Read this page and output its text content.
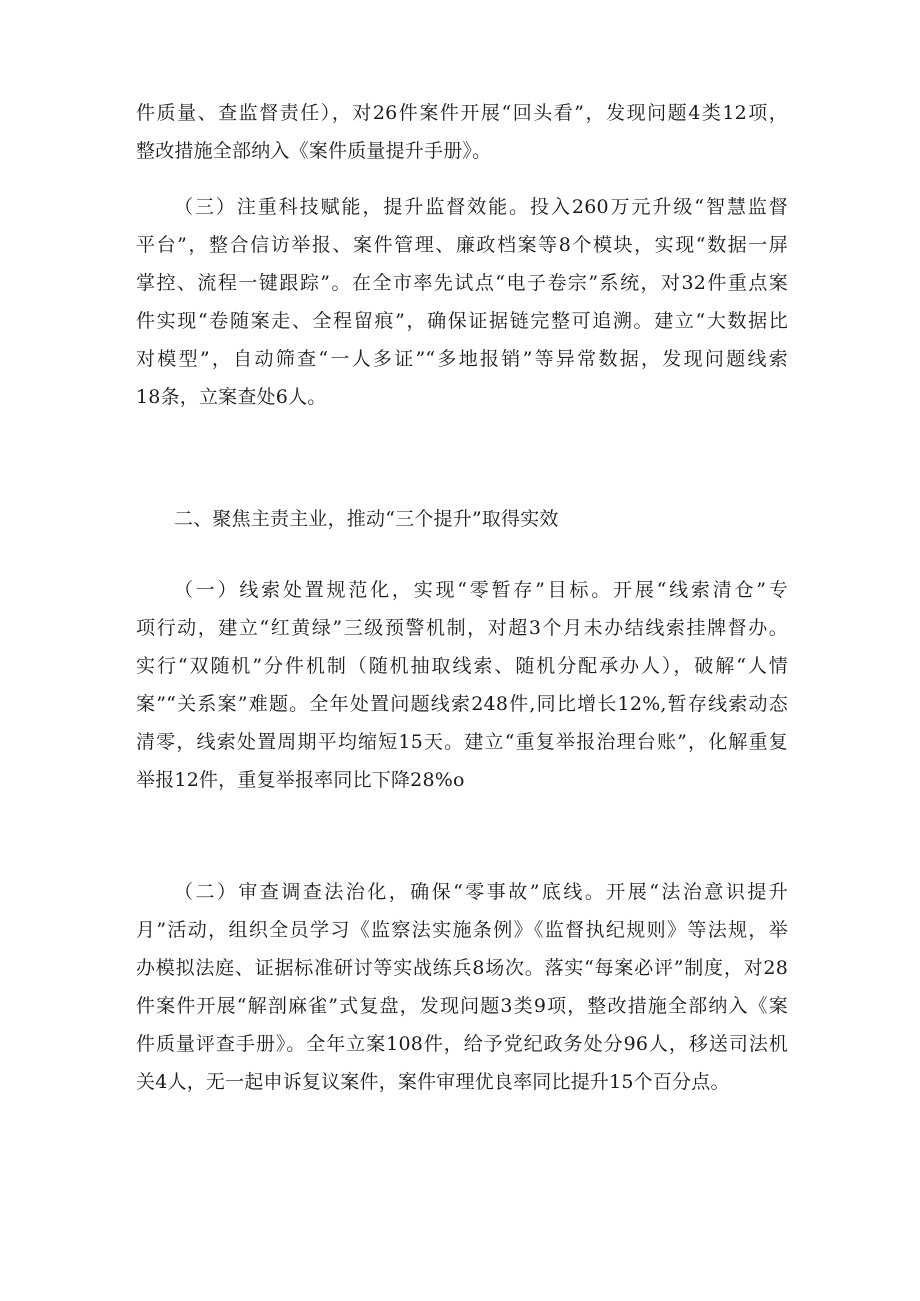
件质量、查监督责任），对26件案件开展“回头看”，发现问题4类12项，
整改措施全部纳入《案件质量提升手册》。
（三）注重科技赋能，提升监督效能。投入260万元升级“智慧监督
平台”，整合信访举报、案件管理、廉政档案等8个模块，实现“数据一屏
掌控、流程一键跟踪”。在全市率先试点“电子卷宗”系统，对32件重点案
件实现“卷随案走、全程留痕”，确保证据链完整可追溯。建立“大数据比
对模型”，自动筛查“一人多证”“多地报销”等异常数据，发现问题线索
18条，立案查处6人。
二、聚焦主责主业，推动“三个提升”取得实效
（一）线索处置规范化，实现“零暂存”目标。开展“线索清仓”专
项行动，建立“红黄绿”三级预警机制，对超3个月未办结线索挂牌督办。
实行“双随机”分件机制（随机抽取线索、随机分配承办人），破解“人情
案”“关系案”难题。全年处置问题线索248件,同比增长12%,暂存线索动态
清零，线索处置周期平均缩短15天。建立“重复举报治理台账”，化解重复
举报12件，重复举报率同比下降28%o
（二）审查调查法治化，确保“零事故”底线。开展“法治意识提升
月”活动，组织全员学习《监察法实施条例》《监督执纪规则》等法规，举
办模拟法庭、证据标准研讨等实战练兵8场次。落实“每案必评”制度，对28
件案件开展“解剖麻雀”式复盘，发现问题3类9项，整改措施全部纳入《案
件质量评查手册》。全年立案108件，给予党纪政务处分96人，移送司法机
关4人，无一起申诉复议案件，案件审理优良率同比提升15个百分点。
